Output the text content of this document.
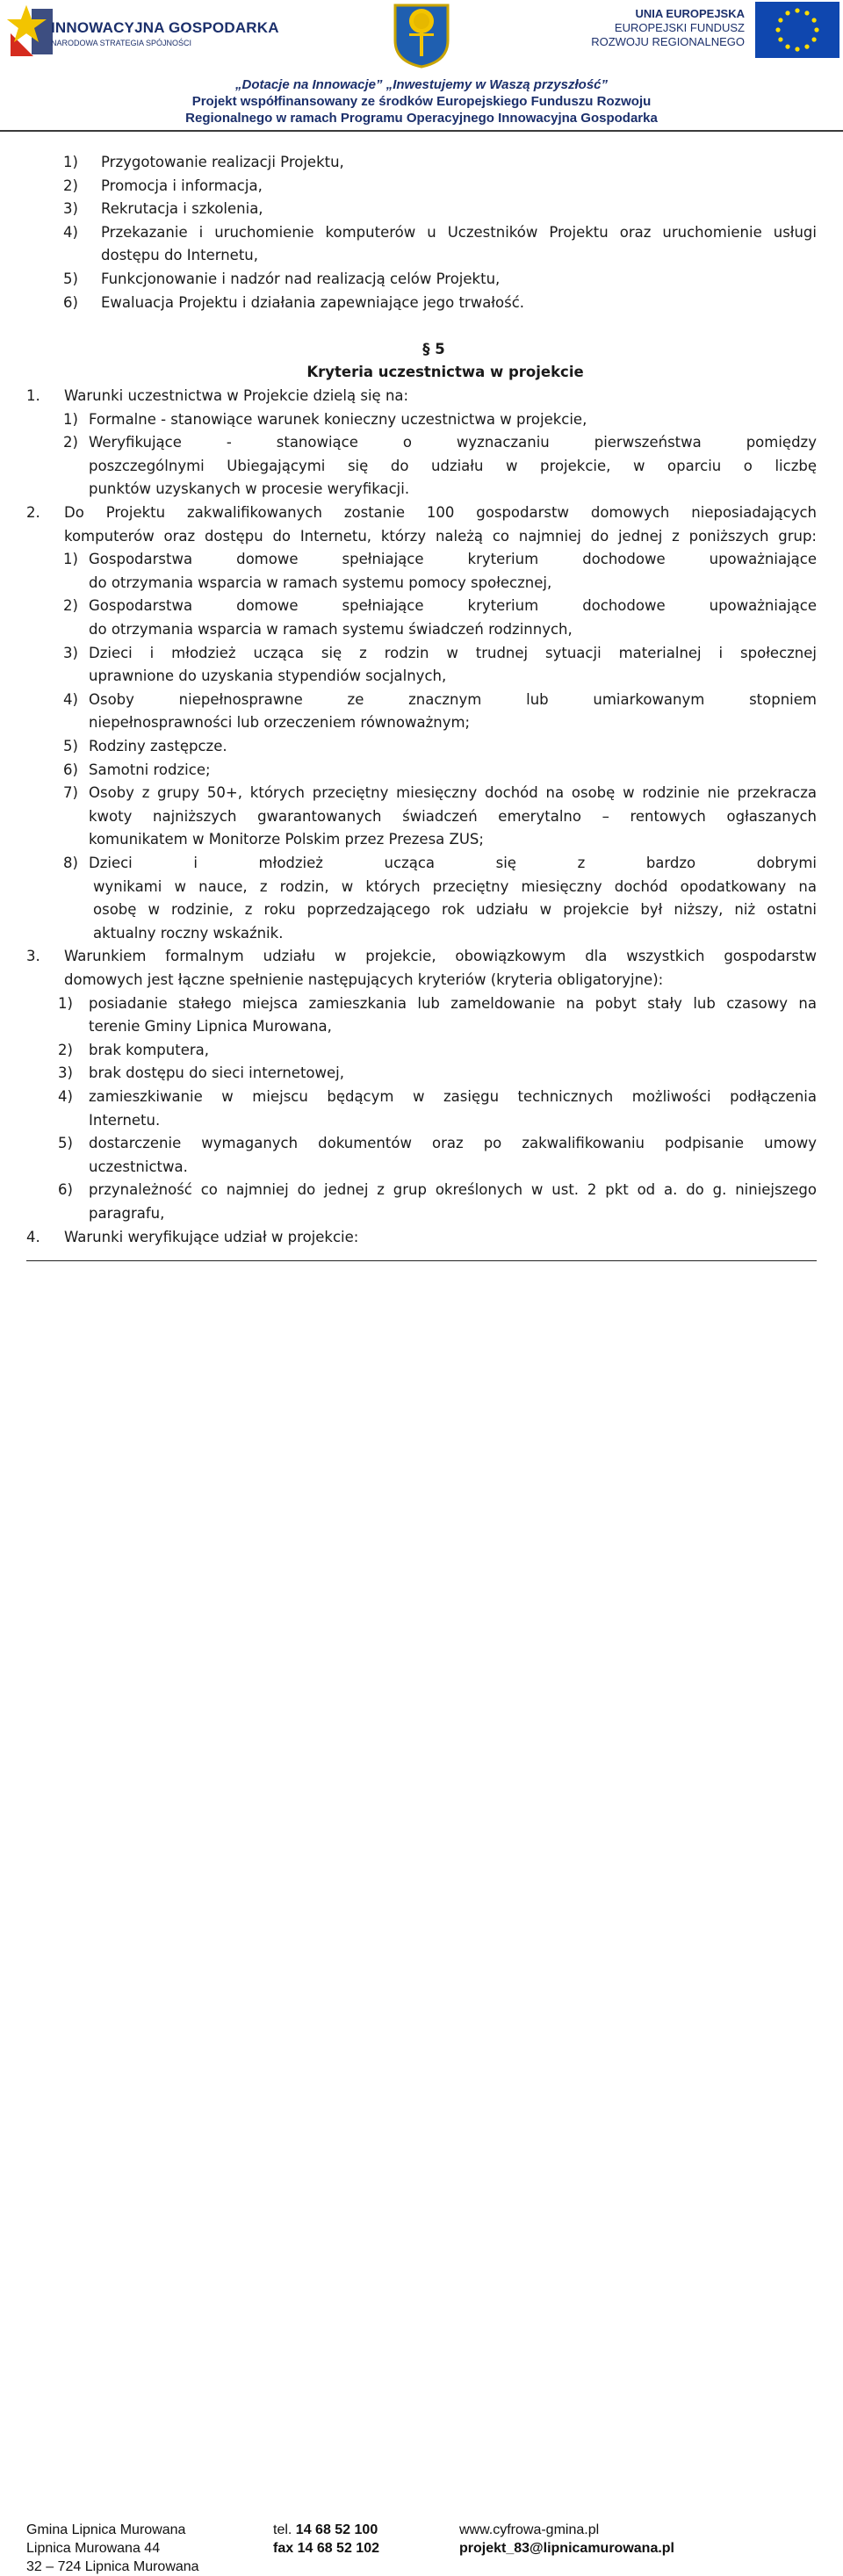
INNOWACYJNA GOSPODARKA
NARODOWA STRATEGIA SPÓJNOŚCI
UNIA EUROPEJSKA
EUROPEJSKI FUNDUSZ
ROZWOJU REGIONALNEGO
„Dotacje na Innowacje” „Inwestujemy w Waszą przyszłość”
Projekt współfinansowany ze środków Europejskiego Funduszu Rozwoju
Regionalnego w ramach Programu Operacyjnego Innowacyjna Gospodarka
1) Przygotowanie realizacji Projektu,
2) Promocja i informacja,
3) Rekrutacja i szkolenia,
4) Przekazanie i uruchomienie komputerów u Uczestników Projektu oraz uruchomienie usługi
dostępu do Internetu,
5) Funkcjonowanie i nadzór nad realizacją celów Projektu,
6) Ewaluacja Projektu i działania zapewniające jego trwałość.
§ 5
Kryteria uczestnictwa w projekcie
1. Warunki uczestnictwa w Projekcie dzielą się na:
1) Formalne - stanowiące warunek konieczny uczestnictwa w projekcie,
2) Weryfikujące - stanowiące o wyznaczaniu pierwszeństwa pomiędzy
poszczególnymi Ubiegającymi się do udziału w projekcie, w oparciu o liczbę
punktów uzyskanych w procesie weryfikacji.
2. Do Projektu zakwalifikowanych zostanie 100 gospodarstw domowych nieposiadających
komputerów oraz dostępu do Internetu, którzy należą co najmniej do jednej z poniższych grup:
1) Gospodarstwa domowe spełniające kryterium dochodowe upoważniające
do otrzymania wsparcia w ramach systemu pomocy społecznej,
2) Gospodarstwa domowe spełniające kryterium dochodowe upoważniające
do otrzymania wsparcia w ramach systemu świadczeń rodzinnych,
3) Dzieci i młodzież ucząca się z rodzin w trudnej sytuacji materialnej i społecznej
uprawnione do uzyskania stypendiów socjalnych,
4) Osoby niepełnosprawne ze znacznym lub umiarkowanym stopniem
niepełnosprawności lub orzeczeniem równoważnym;
5) Rodziny zastępcze.
6) Samotni rodzice;
7) Osoby z grupy 50+, których przeciętny miesięczny dochód na osobę w rodzinie nie przekracza
kwoty najniższych gwarantowanych świadczeń emerytalno – rentowych ogłaszanych
komunikatem w Monitorze Polskim przez Prezesa ZUS;
8) Dzieci i młodzież ucząca się z bardzo dobrymi
wynikami w nauce, z rodzin, w których przeciętny miesięczny dochód opodatkowany na
osobę w rodzinie, z roku poprzedzającego rok udziału w projekcie był niższy, niż ostatni
aktualny roczny wskaźnik.
3. Warunkiem formalnym udziału w projekcie, obowiązkowym dla wszystkich gospodarstw
domowych jest łączne spełnienie następujących kryteriów (kryteria obligatoryjne):
1) posiadanie stałego miejsca zamieszkania lub zameldowanie na pobyt stały lub czasowy na
terenie Gminy Lipnica Murowana,
2) brak komputera,
3) brak dostępu do sieci internetowej,
4) zamieszkiwanie w miejscu będącym w zasięgu technicznych możliwości podłączenia
Internetu.
5) dostarczenie wymaganych dokumentów oraz po zakwalifikowaniu podpisanie umowy
uczestnictwa.
6) przynależność co najmniej do jednej z grup określonych w ust. 2 pkt od a. do g. niniejszego
paragrafu,
4. Warunki weryfikujące udział w projekcie:
Gmina Lipnica Murowana
Lipnica Murowana 44
32 – 724 Lipnica Murowana
tel. 14 68 52 100
fax 14 68 52 102
www.cyfrowa-gmina.pl
projekt_83@lipnicamurowana.pl
